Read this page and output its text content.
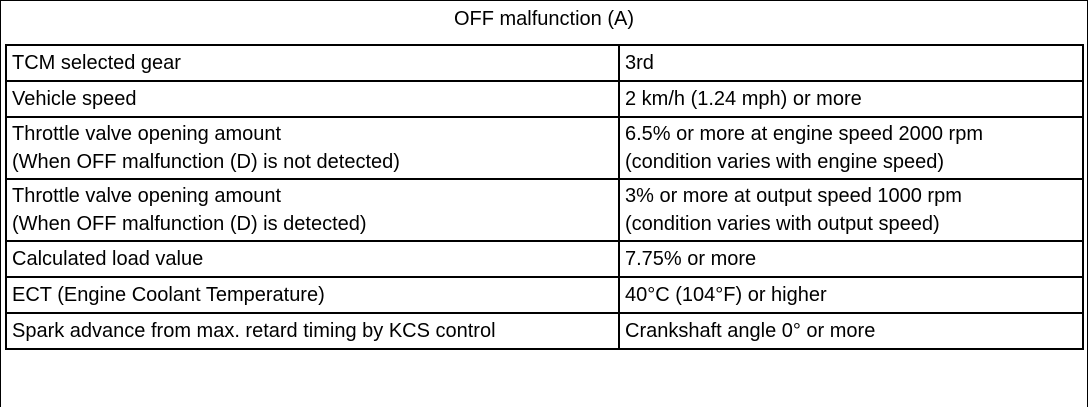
OFF malfunction (A)
TCM selected gear	3rd

Vehicle speed	2 km/h (1.24 mph) or more

Throttle valve opening amount
(When OFF malfunction (D) is not detected)	6.5% or more at engine speed 2000 rpm
(condition varies with engine speed)

Throttle valve opening amount
(When OFF malfunction (D) is detected)	3% or more at output speed 1000 rpm
(condition varies with output speed)

Calculated load value	7.75% or more

ECT (Engine Coolant Temperature)	40°C (104°F) or higher

Spark advance from max. retard timing by KCS control	Crankshaft angle 0° or more
